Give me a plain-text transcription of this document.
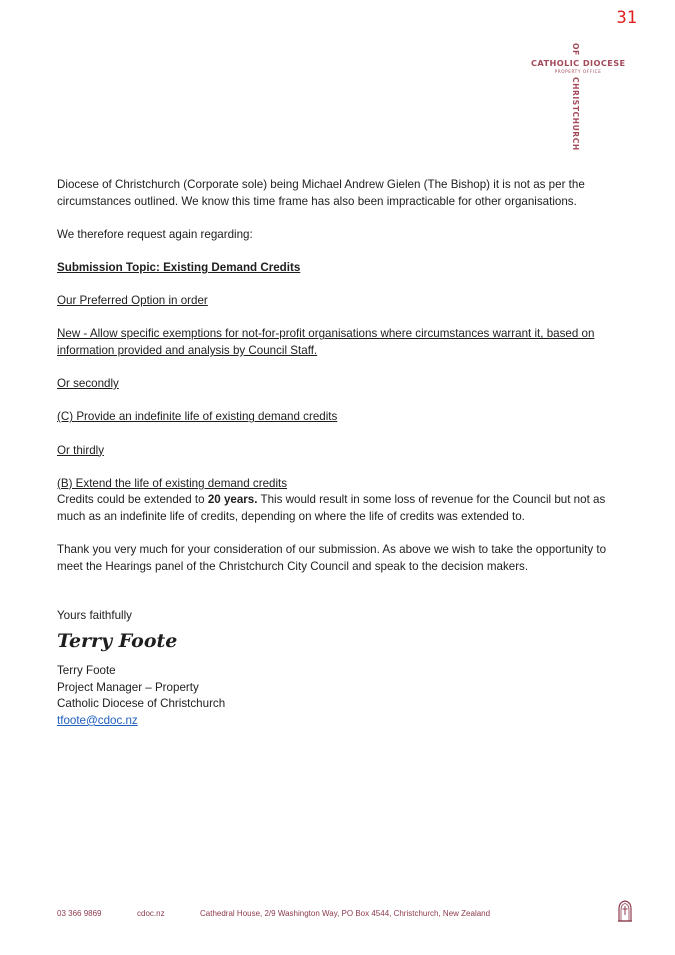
31
OF
CATHOLIC DIOCESE
PROPERTY OFFICE
CHRISTCHURCH

Diocese of Christchurch (Corporate sole) being Michael Andrew Gielen (The Bishop) it is not as per the circumstances outlined. We know this time frame has also been impracticable for other organisations.

We therefore request again regarding:

Submission Topic: Existing Demand Credits

Our Preferred Option in order

New - Allow specific exemptions for not-for-profit organisations where circumstances warrant it, based on information provided and analysis by Council Staff.

Or secondly

(C) Provide an indefinite life of existing demand credits

Or thirdly

(B) Extend the life of existing demand credits

Credits could be extended to 20 years. This would result in some loss of revenue for the Council but not as much as an indefinite life of credits, depending on where the life of credits was extended to.

Thank you very much for your consideration of our submission. As above we wish to take the opportunity to meet the Hearings panel of the Christchurch City Council and speak to the decision makers.

Yours faithfully

Terry Foote

Terry Foote

Project Manager – Property

Catholic Diocese of Christchurch

tfoote@cdoc.nz

03 366 9869	cdoc.nz	Cathedral House, 2/9 Washington Way, PO Box 4544, Christchurch, New Zealand
